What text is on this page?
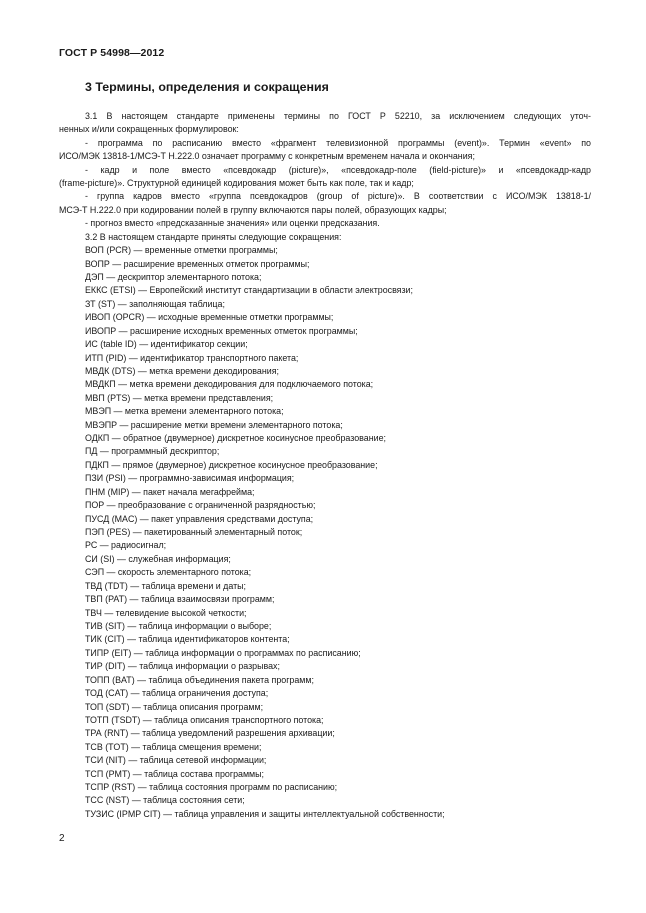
ГОСТ Р 54998—2012
3 Термины, определения и сокращения
3.1 В настоящем стандарте применены термины по ГОСТ Р 52210, за исключением следующих уточ-
ненных и/или сокращенных формулировок:
- программа по расписанию вместо «фрагмент телевизионной программы (event)». Термин «event» по
ИСО/МЭК 13818-1/МСЭ-Т Н.222.0 означает программу с конкретным временем начала и окончания;
- кадр и поле вместо «псевдокадр (picture)», «псевдокадр-поле (field-picture)» и «псевдокадр-кадр
(frame-picture)». Структурной единицей кодирования может быть как поле, так и кадр;
- группа кадров вместо «группа псевдокадров (group of picture)». В соответствии с ИСО/МЭК 13818-1/
МСЭ-Т Н.222.0 при кодировании полей в группу включаются пары полей, образующих кадры;
- прогноз вместо «предсказанные значения» или оценки предсказания.
3.2 В настоящем стандарте приняты следующие сокращения:
ВОП (PCR) — временные отметки программы;
ВОПР — расширение временных отметок программы;
ДЭП — дескриптор элементарного потока;
ЕККС (ETSI) — Европейский институт стандартизации в области электросвязи;
ЗТ (ST) — заполняющая таблица;
ИВОП (OPCR) — исходные временные отметки программы;
ИВОПР — расширение исходных временных отметок программы;
ИС (table ID) — идентификатор секции;
ИТП (PID) — идентификатор транспортного пакета;
МВДК (DTS) — метка времени декодирования;
МВДКП — метка времени декодирования для подключаемого потока;
МВП (PTS) — метка времени представления;
МВЭП — метка времени элементарного потока;
МВЭПР — расширение метки времени элементарного потока;
ОДКП — обратное (двумерное) дискретное косинусное преобразование;
ПД — программный дескриптор;
ПДКП — прямое (двумерное) дискретное косинусное преобразование;
ПЗИ (PSI) — программно-зависимая информация;
ПНМ (MIP) — пакет начала мегафрейма;
ПОР — преобразование с ограниченной разрядностью;
ПУСД (MAC) — пакет управления средствами доступа;
ПЭП (PES) — пакетированный элементарный поток;
РС — радиосигнал;
СИ (SI) — служебная информация;
СЭП — скорость элементарного потока;
ТВД (TDT) — таблица времени и даты;
ТВП (PAT) — таблица взаимосвязи программ;
ТВЧ — телевидение высокой четкости;
ТИВ (SIT) — таблица информации о выборе;
ТИК (CIT) — таблица идентификаторов контента;
ТИПР (EIT) — таблица информации о программах по расписанию;
ТИР (DIT) — таблица информации о разрывах;
ТОПП (BAT) — таблица объединения пакета программ;
ТОД (CAT) — таблица ограничения доступа;
ТОП (SDT) — таблица описания программ;
ТОТП (TSDT) — таблица описания транспортного потока;
ТРА (RNT) — таблица уведомлений разрешения архивации;
ТСВ (TOT) — таблица смещения времени;
ТСИ (NIT) — таблица сетевой информации;
ТСП (PMT) — таблица состава программы;
ТСПР (RST) — таблица состояния программ по расписанию;
ТСС (NST) — таблица состояния сети;
ТУЗИС (IPMP CIT) — таблица управления и защиты интеллектуальной собственности;
2
